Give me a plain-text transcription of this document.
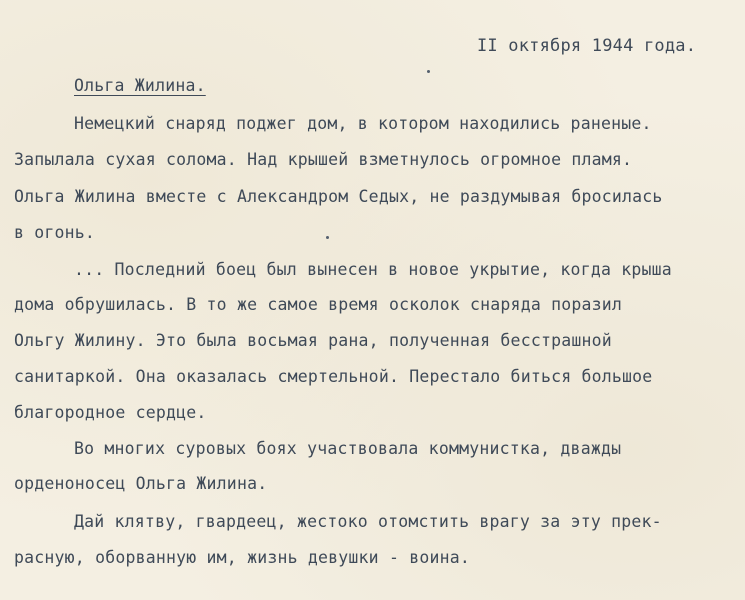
II октября 1944 года.
Ольга Жилина.
Немецкий снаряд поджег дом, в котором находились раненые.
Запылала сухая солома. Над крышей взметнулось огромное пламя.
Ольга Жилина вместе с Александром Седых, не раздумывая бросилась
в огонь.
... Последний боец был вынесен в новое укрытие, когда крыша
дома обрушилась. В то же самое время осколок снаряда поразил
Ольгу Жилину. Это была восьмая рана, полученная бесстрашной
санитаркой. Она оказалась смертельной. Перестало биться большое
благородное сердце.
Во многих суровых боях участвовала коммунистка, дважды
орденоносец Ольга Жилина.
Дай клятву, гвардеец, жестоко отомстить врагу за эту прек-
расную, оборванную им, жизнь девушки - воина.
